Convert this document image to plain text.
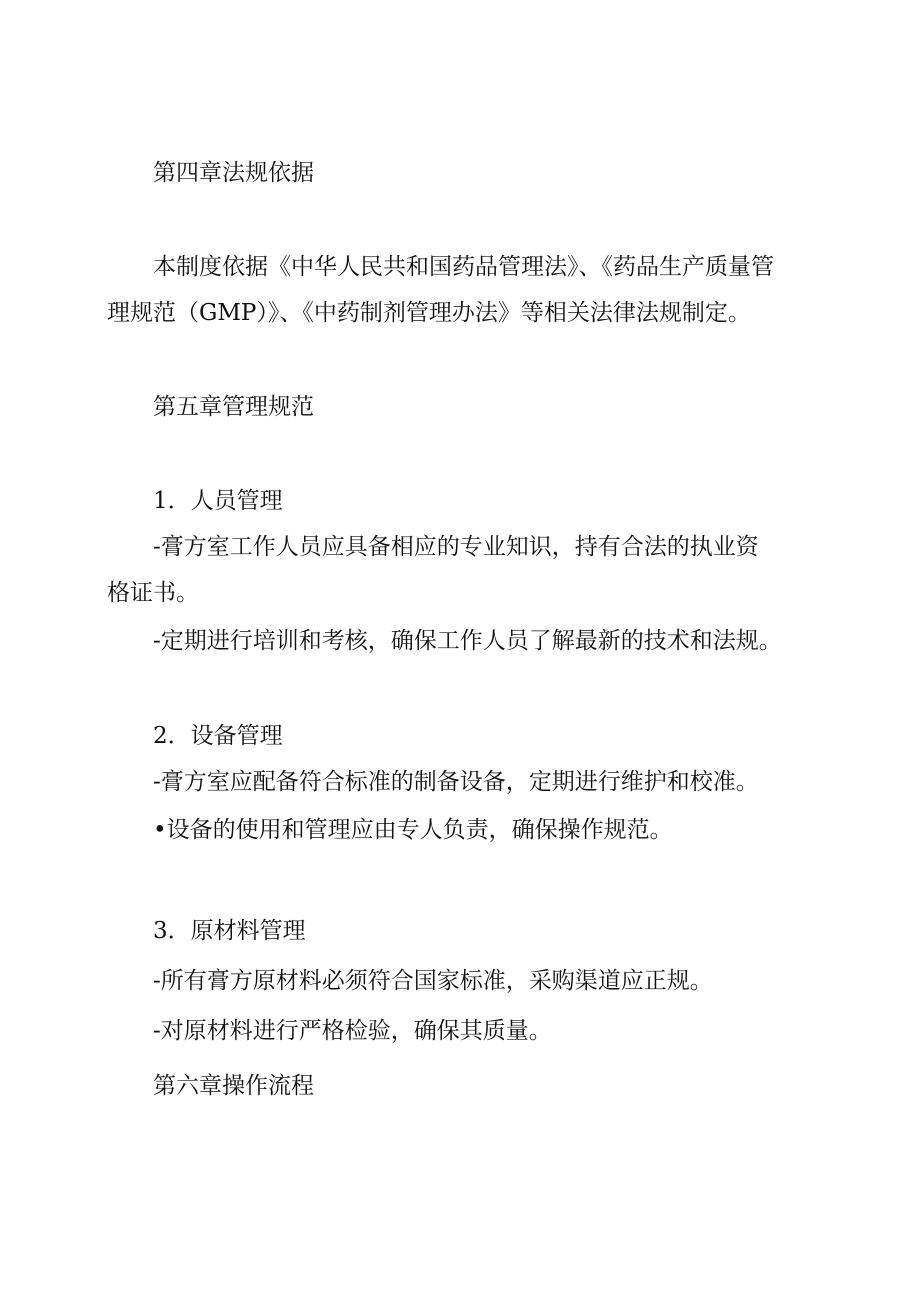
第四章法规依据
本制度依据《中华人民共和国药品管理法》、《药品生产质量管
理规范（GMP）》、《中药制剂管理办法》等相关法律法规制定。
第五章管理规范
1．人员管理
-膏方室工作人员应具备相应的专业知识，持有合法的执业资
格证书。
-定期进行培训和考核，确保工作人员了解最新的技术和法规。
2．设备管理
-膏方室应配备符合标准的制备设备，定期进行维护和校准。
•设备的使用和管理应由专人负责，确保操作规范。
3．原材料管理
-所有膏方原材料必须符合国家标准，采购渠道应正规。
-对原材料进行严格检验，确保其质量。
第六章操作流程
